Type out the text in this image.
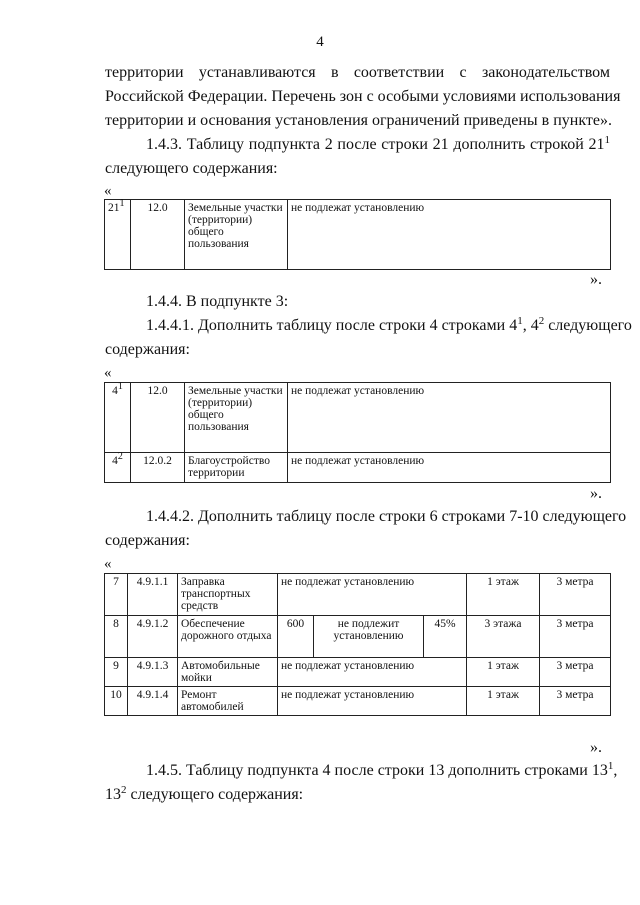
4
территории устанавливаются в соответствии с законодательством
Российской Федерации. Перечень зон с особыми условиями использования
территории и основания установления ограничений приведены в пункте».
1.4.3. Таблицу подпункта 2 после строки 21 дополнить строкой $21^1$
следующего содержания:
«
$21^1$	12.0	Земельные участки (территории) общего пользования	не подлежат установлению
».
1.4.4. В подпункте 3:
1.4.4.1. Дополнить таблицу после строки 4 строками $4^1$, $4^2$ следующего
содержания:
«
$4^1$	12.0	Земельные участки (территории) общего пользования	не подлежат установлению
$4^2$	12.0.2	Благоустройство территории	не подлежат установлению
».
1.4.4.2. Дополнить таблицу после строки 6 строками 7-10 следующего
содержания:
«
7	4.9.1.1	Заправка транспортных средств	не подлежат установлению			1 этаж	3 метра
8	4.9.1.2	Обеспечение дорожного отдыха	600	не подлежит установлению	45%	3 этажа	3 метра
9	4.9.1.3	Автомобильные мойки	не подлежат установлению			1 этаж	3 метра
10	4.9.1.4	Ремонт автомобилей	не подлежат установлению			1 этаж	3 метра
».
1.4.5. Таблицу подпункта 4 после строки 13 дополнить строками $13^1$,
$13^2$ следующего содержания:
